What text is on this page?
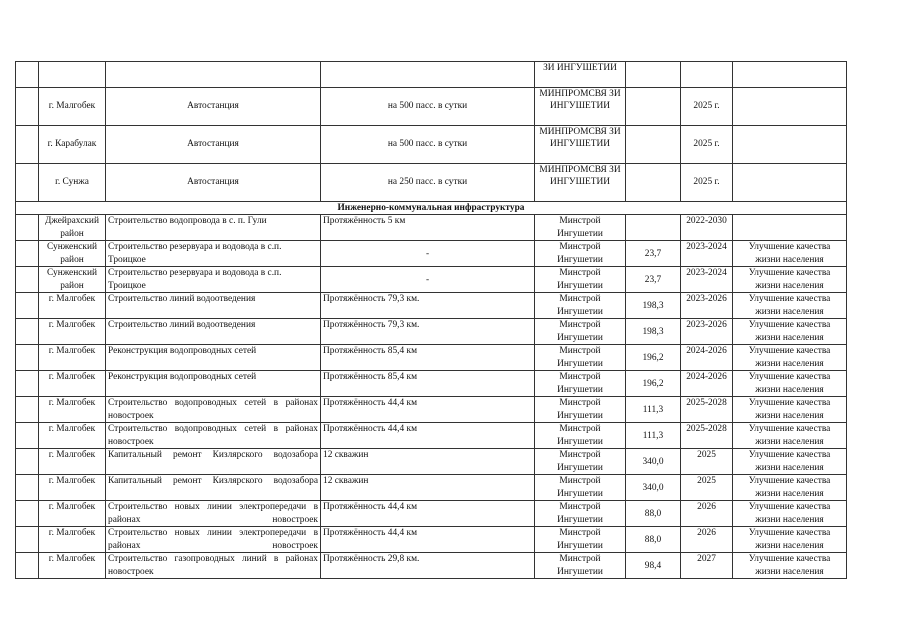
				ЗИ ИНГУШЕТИИ			
	г. Малгобек	Автостанция	на 500 пасс. в сутки	МИНПРОМСВЯ ЗИ ИНГУШЕТИИ		2025 г.	
	г. Карабулак	Автостанция	на 500 пасс. в сутки	МИНПРОМСВЯ ЗИ ИНГУШЕТИИ		2025 г.	
	г. Сунжа	Автостанция	на 250 пасс. в сутки	МИНПРОМСВЯ ЗИ ИНГУШЕТИИ		2025 г.	
Инженерно-коммунальная инфраструктура							
	Джейрахский район	Строительство водопровода в с. п. Гули	Протяжённость 5 км	Минстрой Ингушетии		2022-2030	
	Сунженский район	Строительство резервуара и водовода в с.п. Троицкое	-	Минстрой Ингушетии	23,7	2023-2024	Улучшение качества жизни населения
	Сунженский район	Строительство резервуара и водовода в с.п. Троицкое	-	Минстрой Ингушетии	23,7	2023-2024	Улучшение качества жизни населения
	г. Малгобек	Строительство линий водоотведения	Протяжённость 79,3 км.	Минстрой Ингушетии	198,3	2023-2026	Улучшение качества жизни населения
	г. Малгобек	Строительство линий водоотведения	Протяжённость 79,3 км.	Минстрой Ингушетии	198,3	2023-2026	Улучшение качества жизни населения
	г. Малгобек	Реконструкция водопроводных сетей	Протяжённость 85,4 км	Минстрой Ингушетии	196,2	2024-2026	Улучшение качества жизни населения
	г. Малгобек	Реконструкция водопроводных сетей	Протяжённость 85,4 км	Минстрой Ингушетии	196,2	2024-2026	Улучшение качества жизни населения
	г. Малгобек	Строительство водопроводных сетей в районах новостроек	Протяжённость 44,4 км	Минстрой Ингушетии	111,3	2025-2028	Улучшение качества жизни населения
	г. Малгобек	Строительство водопроводных сетей в районах новостроек	Протяжённость 44,4 км	Минстрой Ингушетии	111,3	2025-2028	Улучшение качества жизни населения
	г. Малгобек	Капитальный ремонт Кизлярского водозабора	12 скважин	Минстрой Ингушетии	340,0	2025	Улучшение качества жизни населения
	г. Малгобек	Капитальный ремонт Кизлярского водозабора	12 скважин	Минстрой Ингушетии	340,0	2025	Улучшение качества жизни населения
	г. Малгобек	Строительство новых линии электропередачи в районах новостроек	Протяжённость 44,4 км	Минстрой Ингушетии	88,0	2026	Улучшение качества жизни населения
	г. Малгобек	Строительство новых линии электропередачи в районах новостроек	Протяжённость 44,4 км	Минстрой Ингушетии	88,0	2026	Улучшение качества жизни населения
	г. Малгобек	Строительство газопроводных линий в районах новостроек	Протяжённость 29,8 км.	Минстрой Ингушетии	98,4	2027	Улучшение качества жизни населения
